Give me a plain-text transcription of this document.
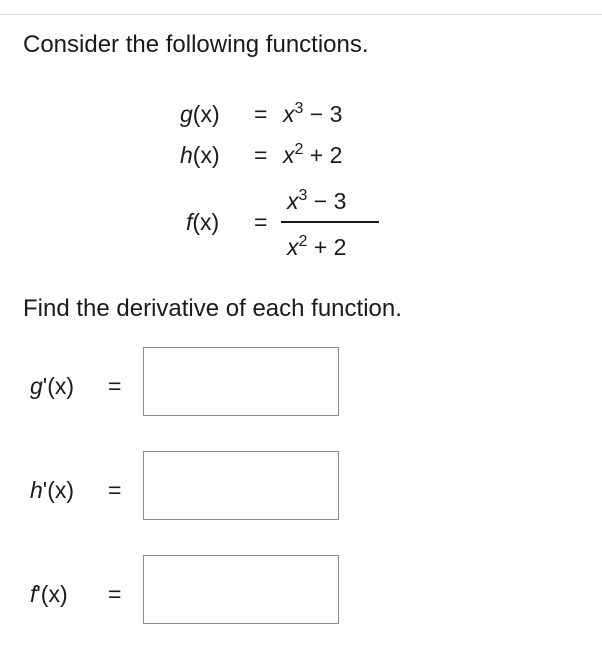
Consider the following functions.
$g(x) = x^3 - 3$
$h(x) = x^2 + 2$
f(x) =
$x^3 - 3$
$x^2 + 2$
Find the derivative of each function.
g'(x) =
h'(x) =
f'(x) =
